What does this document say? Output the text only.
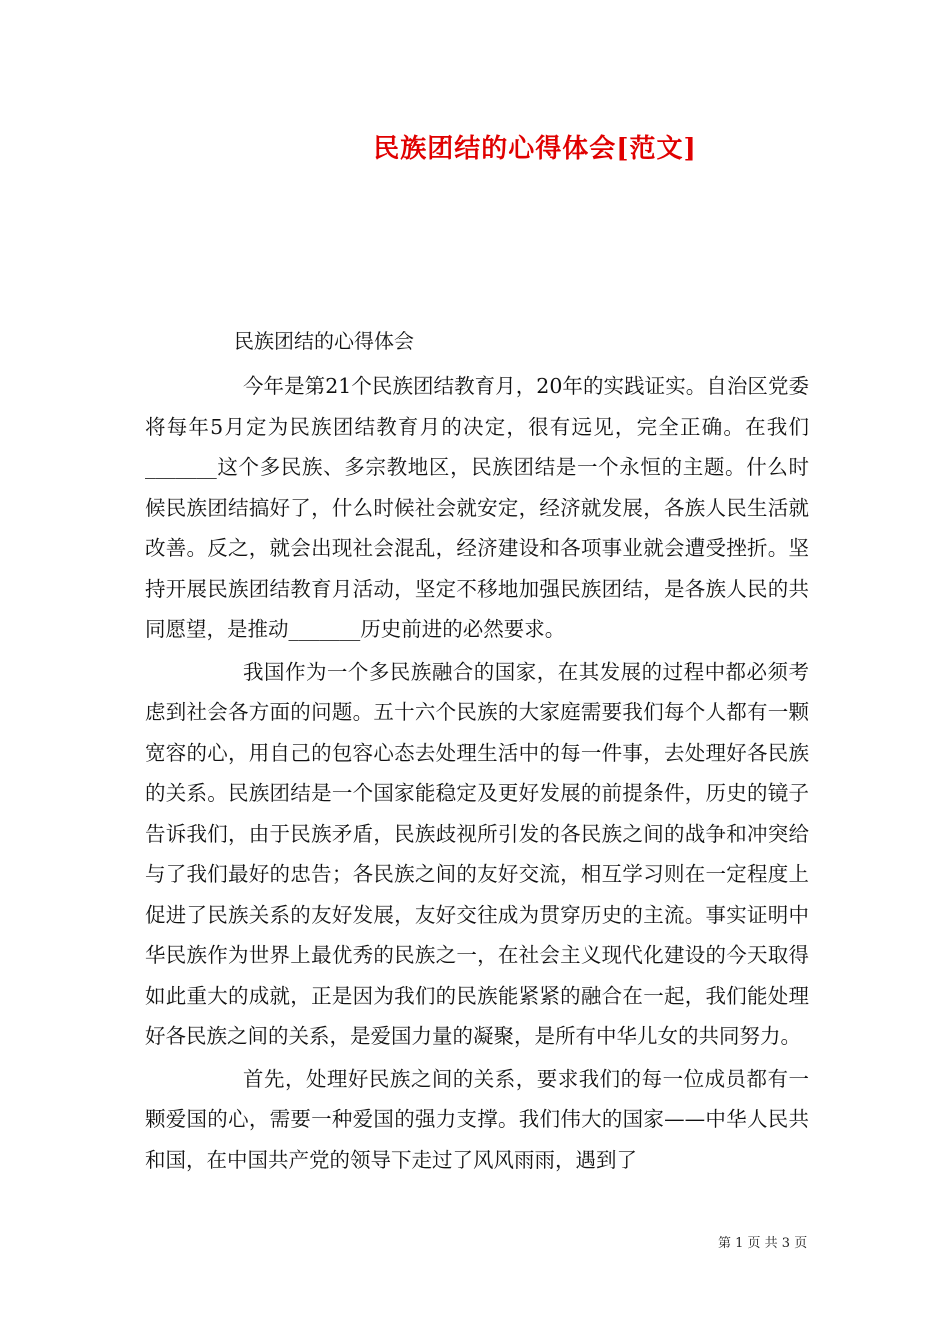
民族团结的心得体会[范文]
民族团结的心得体会

今年是第21个民族团结教育月，20年的实践证实。自治区党委将每年5月定为民族团结教育月的决定，很有远见，完全正确。在我们_______这个多民族、多宗教地区，民族团结是一个永恒的主题。什么时候民族团结搞好了，什么时候社会就安定，经济就发展，各族人民生活就改善。反之，就会出现社会混乱，经济建设和各项事业就会遭受挫折。坚持开展民族团结教育月活动，坚定不移地加强民族团结，是各族人民的共同愿望，是推动_______历史前进的必然要求。

我国作为一个多民族融合的国家，在其发展的过程中都必须考虑到社会各方面的问题。五十六个民族的大家庭需要我们每个人都有一颗宽容的心，用自己的包容心态去处理生活中的每一件事，去处理好各民族的关系。民族团结是一个国家能稳定及更好发展的前提条件，历史的镜子告诉我们，由于民族矛盾，民族歧视所引发的各民族之间的战争和冲突给与了我们最好的忠告；各民族之间的友好交流，相互学习则在一定程度上促进了民族关系的友好发展，友好交往成为贯穿历史的主流。事实证明中华民族作为世界上最优秀的民族之一，在社会主义现代化建设的今天取得如此重大的成就，正是因为我们的民族能紧紧的融合在一起，我们能处理好各民族之间的关系，是爱国力量的凝聚，是所有中华儿女的共同努力。

首先，处理好民族之间的关系，要求我们的每一位成员都有一颗爱国的心，需要一种爱国的强力支撑。我们伟大的国家——中华人民共和国，在中国共产党的领导下走过了风风雨雨，遇到了

第 1 页 共 3 页
